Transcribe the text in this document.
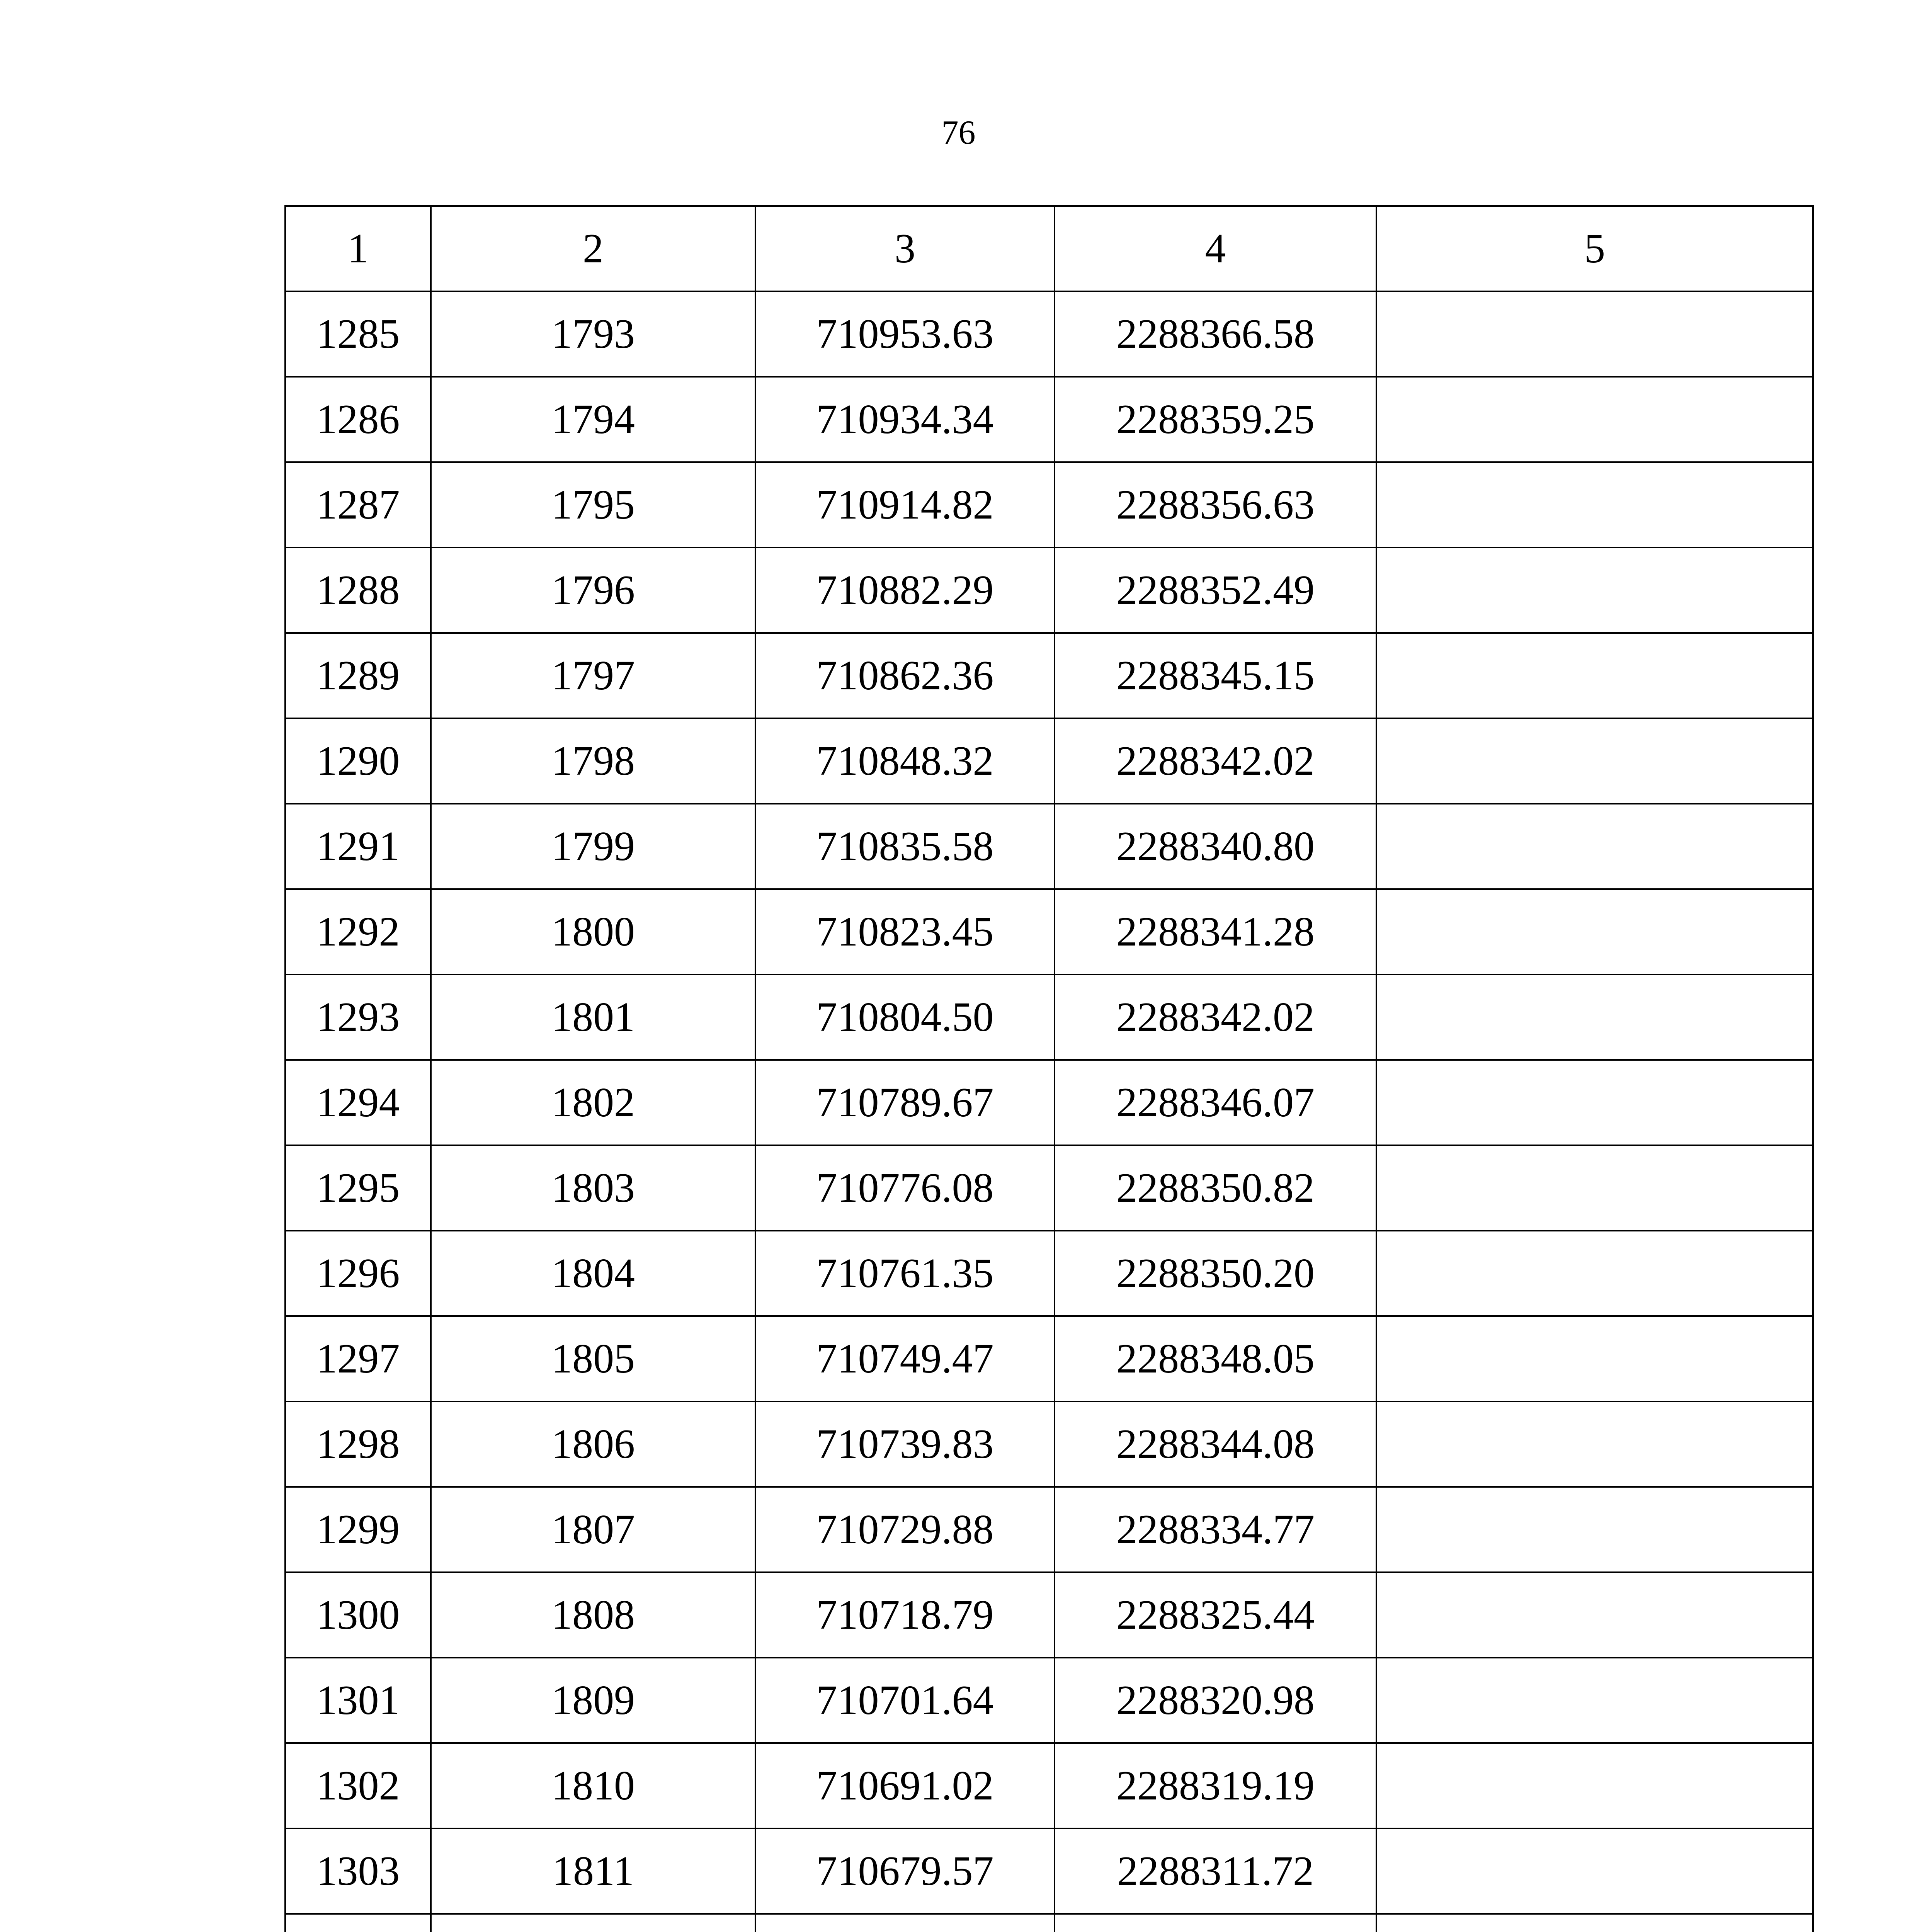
76
1	2	3	4	5
1285	1793	710953.63	2288366.58	
1286	1794	710934.34	2288359.25	
1287	1795	710914.82	2288356.63	
1288	1796	710882.29	2288352.49	
1289	1797	710862.36	2288345.15	
1290	1798	710848.32	2288342.02	
1291	1799	710835.58	2288340.80	
1292	1800	710823.45	2288341.28	
1293	1801	710804.50	2288342.02	
1294	1802	710789.67	2288346.07	
1295	1803	710776.08	2288350.82	
1296	1804	710761.35	2288350.20	
1297	1805	710749.47	2288348.05	
1298	1806	710739.83	2288344.08	
1299	1807	710729.88	2288334.77	
1300	1808	710718.79	2288325.44	
1301	1809	710701.64	2288320.98	
1302	1810	710691.02	2288319.19	
1303	1811	710679.57	2288311.72	
